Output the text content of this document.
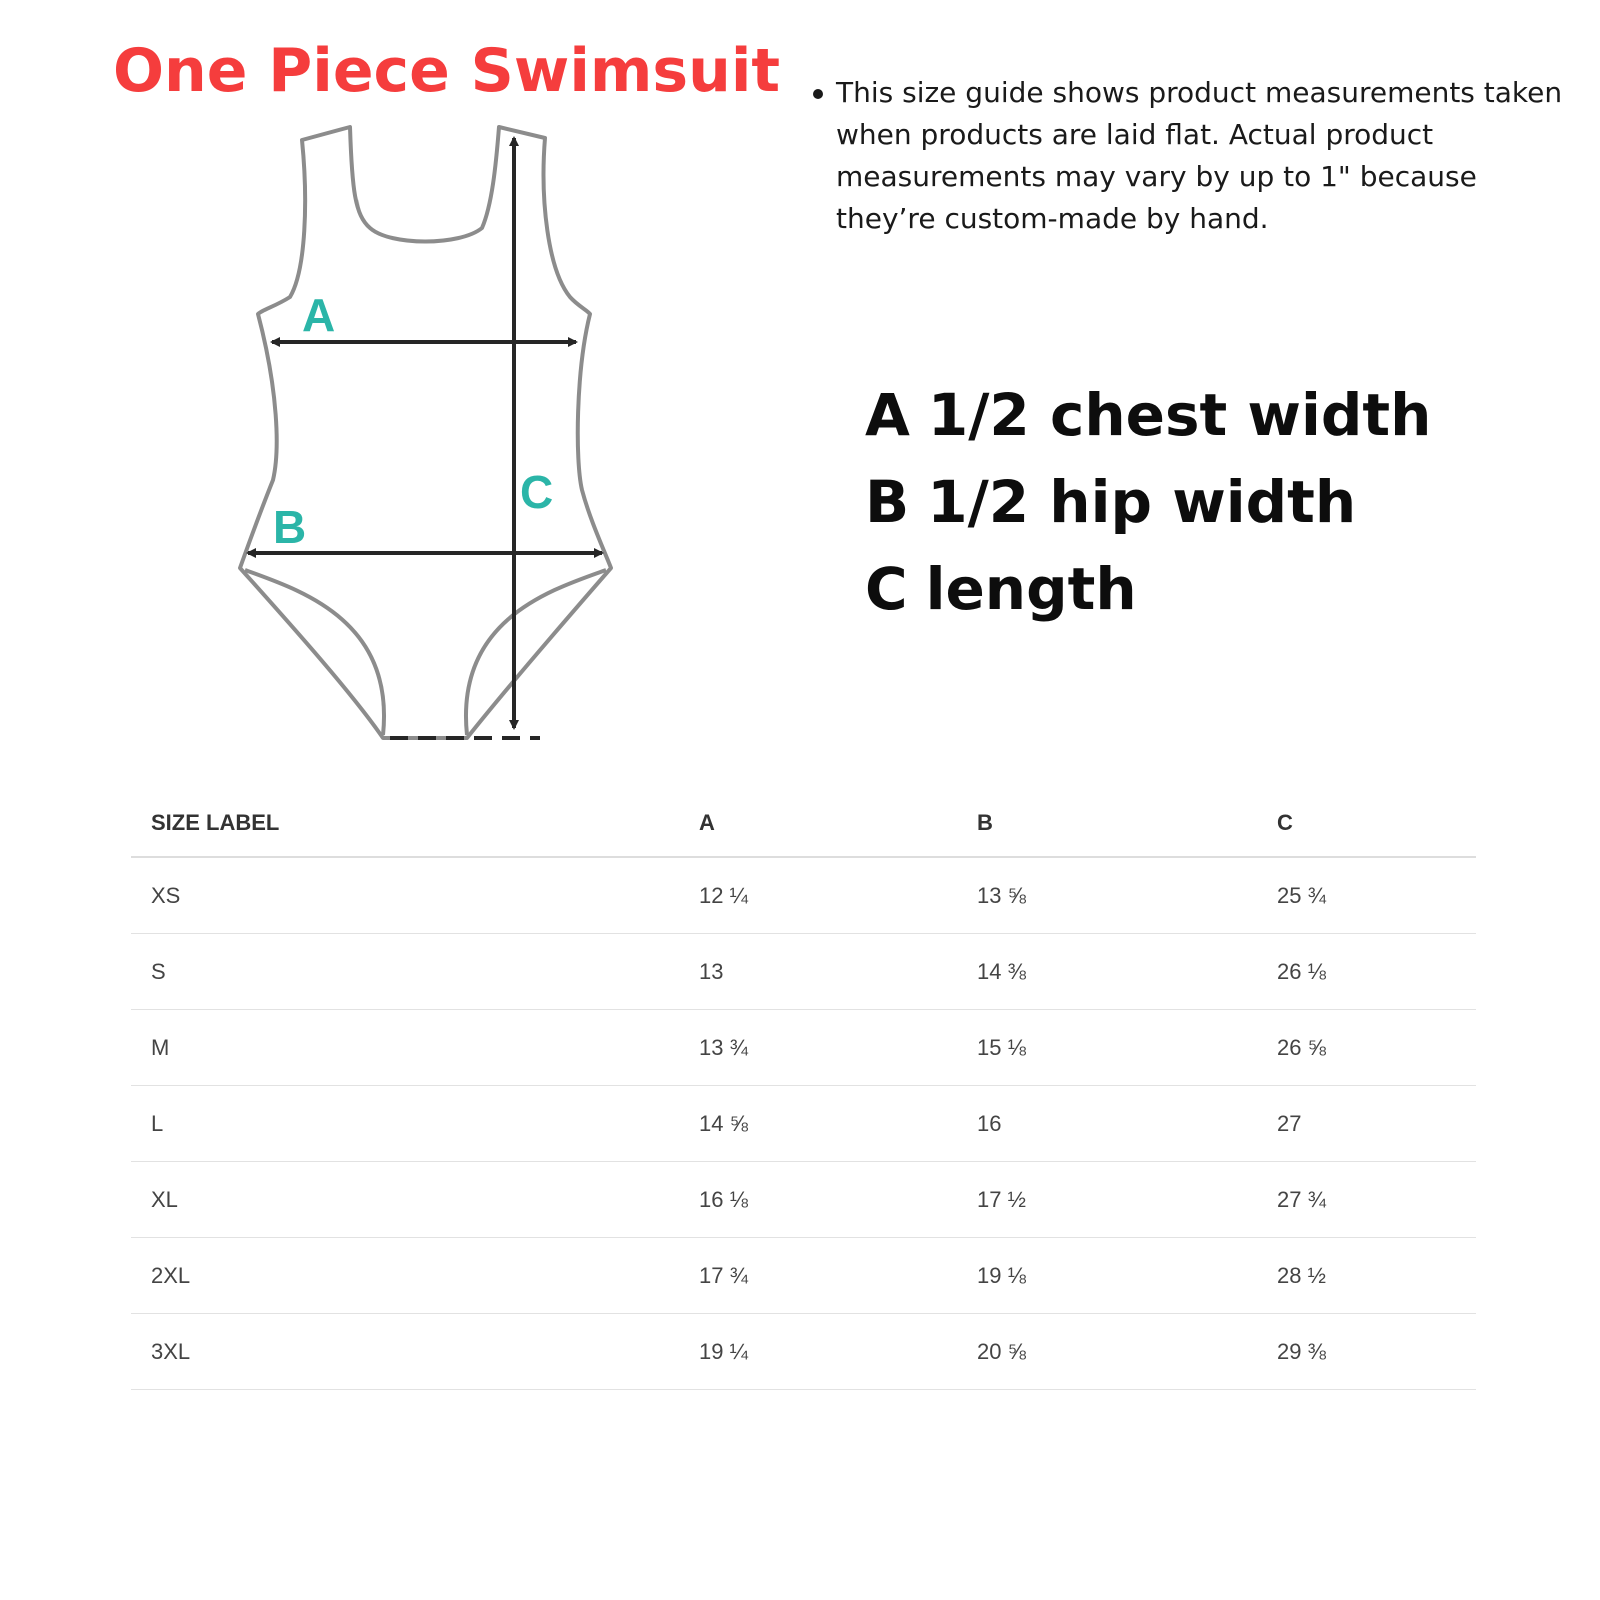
One Piece Swimsuit
A
B
C
This size guide shows product measurements taken when products are laid flat. Actual product measurements may vary by up to 1" because they’re custom-made by hand.
A 1/2 chest width
B 1/2 hip width
C length
SIZE LABEL	A	B	C
XS	12 ¼	13 ⅝	25 ¾
S	13	14 ⅜	26 ⅛
M	13 ¾	15 ⅛	26 ⅝
L	14 ⅝	16	27
XL	16 ⅛	17 ½	27 ¾
2XL	17 ¾	19 ⅛	28 ½
3XL	19 ¼	20 ⅝	29 ⅜
